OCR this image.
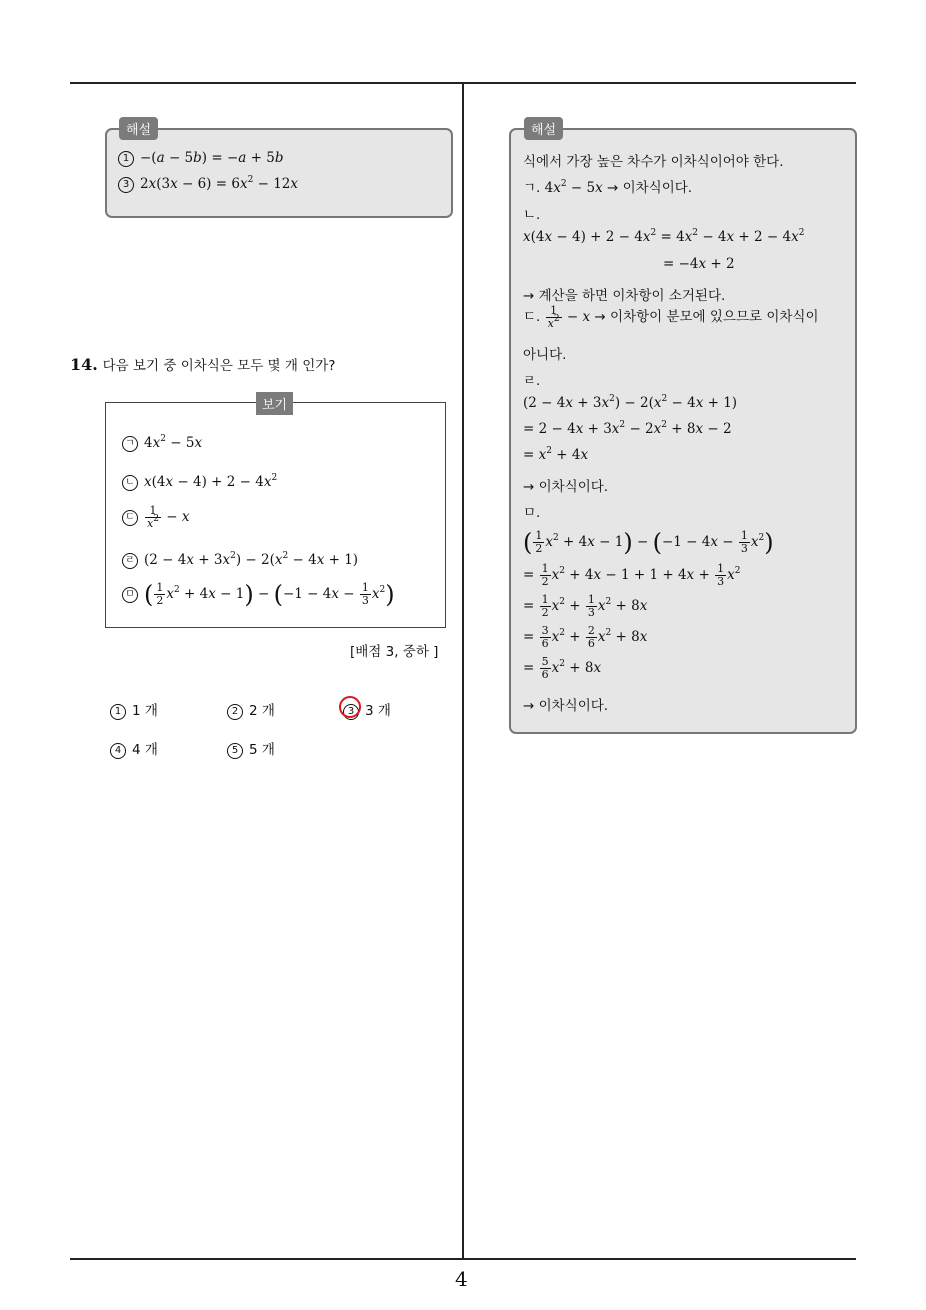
해설
1 −(a − 5b) = −a + 5b
3 $2x(3x - 6) = 6x^2 - 12x$
14. 다음 보기 중 이차식은 모두 몇 개 인가?
보기
ㄱ $4x^2 - 5x$
ㄴ $x(4x - 4) + 2 - 4x^2$
ㄷ $\frac{1}{x^2} - x$
ㄹ $(2 - 4x + 3x^2) - 2(x^2 - 4x + 1)$
ㅁ ( $\frac{1}{2} x^2 + 4x - 1) - (-1 - 4x - \frac{1}{3} x^2)$
[배점 3, 중하 ]
1 1 개	2 2 개	3 3 개
4 4 개	5 5 개
해설
식에서 가장 높은 차수가 이차식이어야 한다.
ㄱ. $4x^2 - 5x$ → 이차식이다.
ㄴ.
$x(4x - 4) + 2 - 4x^2 = 4x^2 - 4x + 2 - 4x^2$
= −4x + 2
→ 계산을 하면 이차항이 소거된다.
ㄷ. $\frac{1}{x^2} - x$ → 이차항이 분모에 있으므로 이차식이
아니다.
ㄹ.
$(2 - 4x + 3x^2) - 2(x^2 - 4x + 1)$
= $2 - 4x + 3x^2 - 2x^2 + 8x - 2$
= $x^2 + 4x$
→ 이차식이다.
ㅁ.
( $\frac{1}{2} x^2 + 4x - 1) - (-1 - 4x - \frac{1}{3} x^2)$
= $\frac{1}{2} x^2 + 4x - 1 + 1 + 4x + \frac{1}{3} x^2$
= $\frac{1}{2} x^2 + \frac{1}{3} x^2 + 8x$
= $\frac{3}{6} x^2 + \frac{2}{6} x^2 + 8x$
= $\frac{5}{6} x^2 + 8x$
→ 이차식이다.
4
